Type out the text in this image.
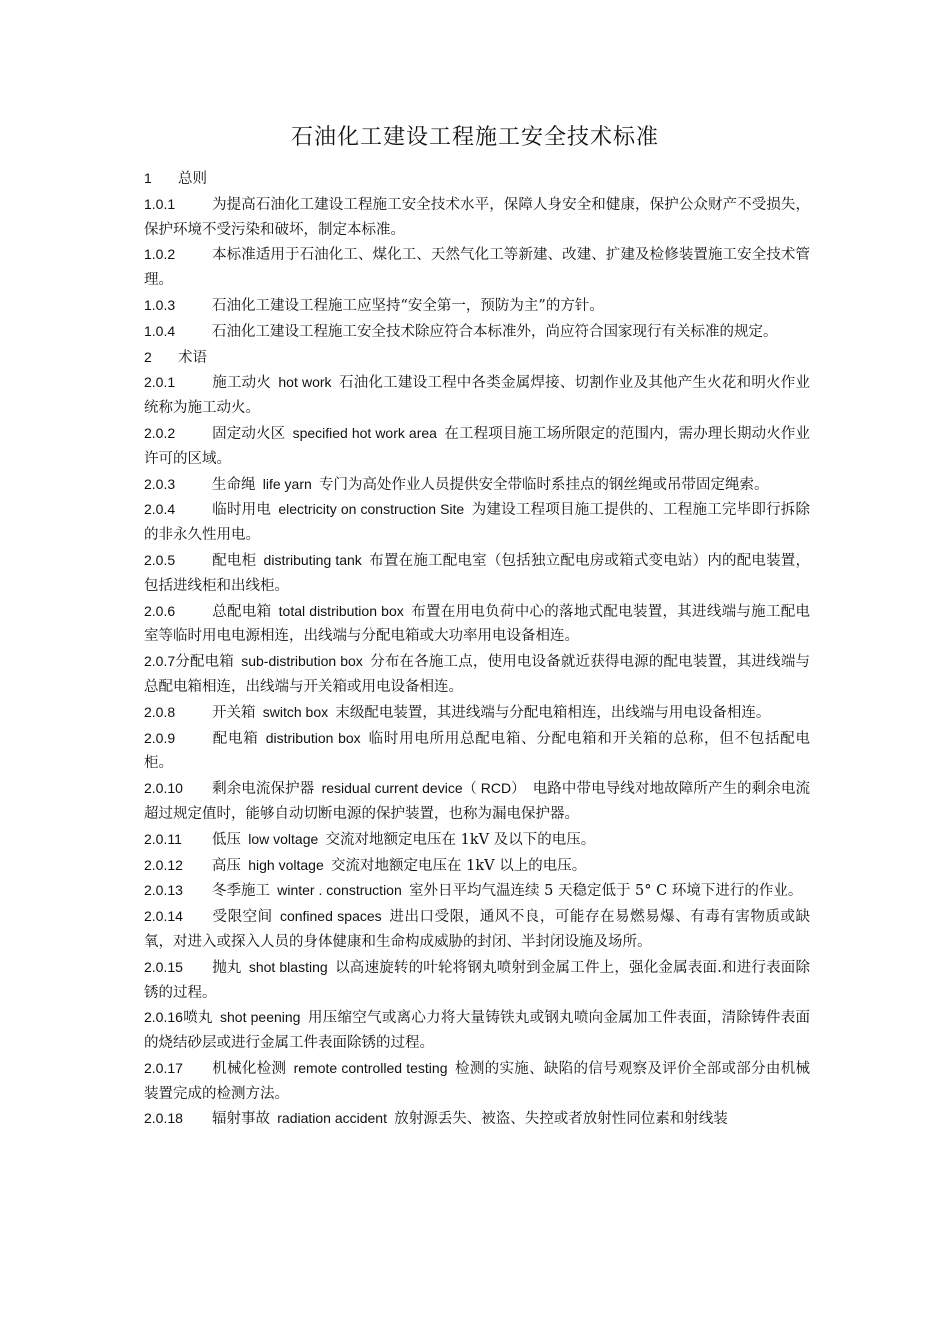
石油化工建设工程施工安全技术标准

1 总则

1.0.1	为提高石油化工建设工程施工安全技术水平，保障人身安全和健康，保护公众财产不受损失，保护环境不受污染和破坏，制定本标准。

1.0.2	本标准适用于石油化工、煤化工、天然气化工等新建、改建、扩建及检修装置施工安全技术管理。

1.0.3	石油化工建设工程施工应坚持“安全第一，预防为主”的方针。

1.0.4	石油化工建设工程施工安全技术除应符合本标准外，尚应符合国家现行有关标准的规定。

2 术语

2.0.1	施工动火  hot work  石油化工建设工程中各类金属焊接、切割作业及其他产生火花和明火作业统称为施工动火。

2.0.2	固定动火区  specified hot work area  在工程项目施工场所限定的范围内，需办理长期动火作业许可的区域。

2.0.3	生命绳  life yarn  专门为高处作业人员提供安全带临时系挂点的钢丝绳或吊带固定绳索。

2.0.4	临时用电  electricity on construction Site  为建设工程项目施工提供的、工程施工完毕即行拆除的非永久性用电。

2.0.5	配电柜  distributing tank  布置在施工配电室（包括独立配电房或箱式变电站）内的配电装置，包括进线柜和出线柜。

2.0.6	总配电箱  total distribution box  布置在用电负荷中心的落地式配电装置，其进线端与施工配电室等临时用电电源相连，出线端与分配电箱或大功率用电设备相连。

2.0.7分配电箱  sub-distribution box  分布在各施工点，使用电设备就近获得电源的配电装置，其进线端与总配电箱相连，出线端与开关箱或用电设备相连。

2.0.8	开关箱  switch box  末级配电装置，其进线端与分配电箱相连，出线端与用电设备相连。

2.0.9	配电箱  distribution box  临时用电所用总配电箱、分配电箱和开关箱的总称，但不包括配电柜。

2.0.10 剩余电流保护器  residual current device（ RCD）  电路中带电导线对地故障所产生的剩余电流超过规定值时，能够自动切断电源的保护装置，也称为漏电保护器。

2.0.11 低压  low voltage  交流对地额定电压在 1kV 及以下的电压。

2.0.12 高压  high voltage  交流对地额定电压在 1kV 以上的电压。

2.0.13 冬季施工  winter . construction  室外日平均气温连续 5 天稳定低于 5° C 环境下进行的作业。

2.0.14 受限空间  confined spaces  进出口受限，通风不良，可能存在易燃易爆、有毒有害物质或缺氧，对进入或探入人员的身体健康和生命构成威胁的封闭、半封闭设施及场所。

2.0.15 抛丸  shot blasting  以高速旋转的叶轮将钢丸喷射到金属工件上，强化金属表面.和进行表面除锈的过程。

2.0.16喷丸  shot peening  用压缩空气或离心力将大量铸铁丸或钢丸喷向金属加工件表面，清除铸件表面的烧结砂层或进行金属工件表面除锈的过程。

2.0.17 机械化检测  remote controlled testing  检测的实施、缺陷的信号观察及评价全部或部分由机械装置完成的检测方法。

2.0.18 辐射事故  radiation accident  放射源丢失、被盗、失控或者放射性同位素和射线装
